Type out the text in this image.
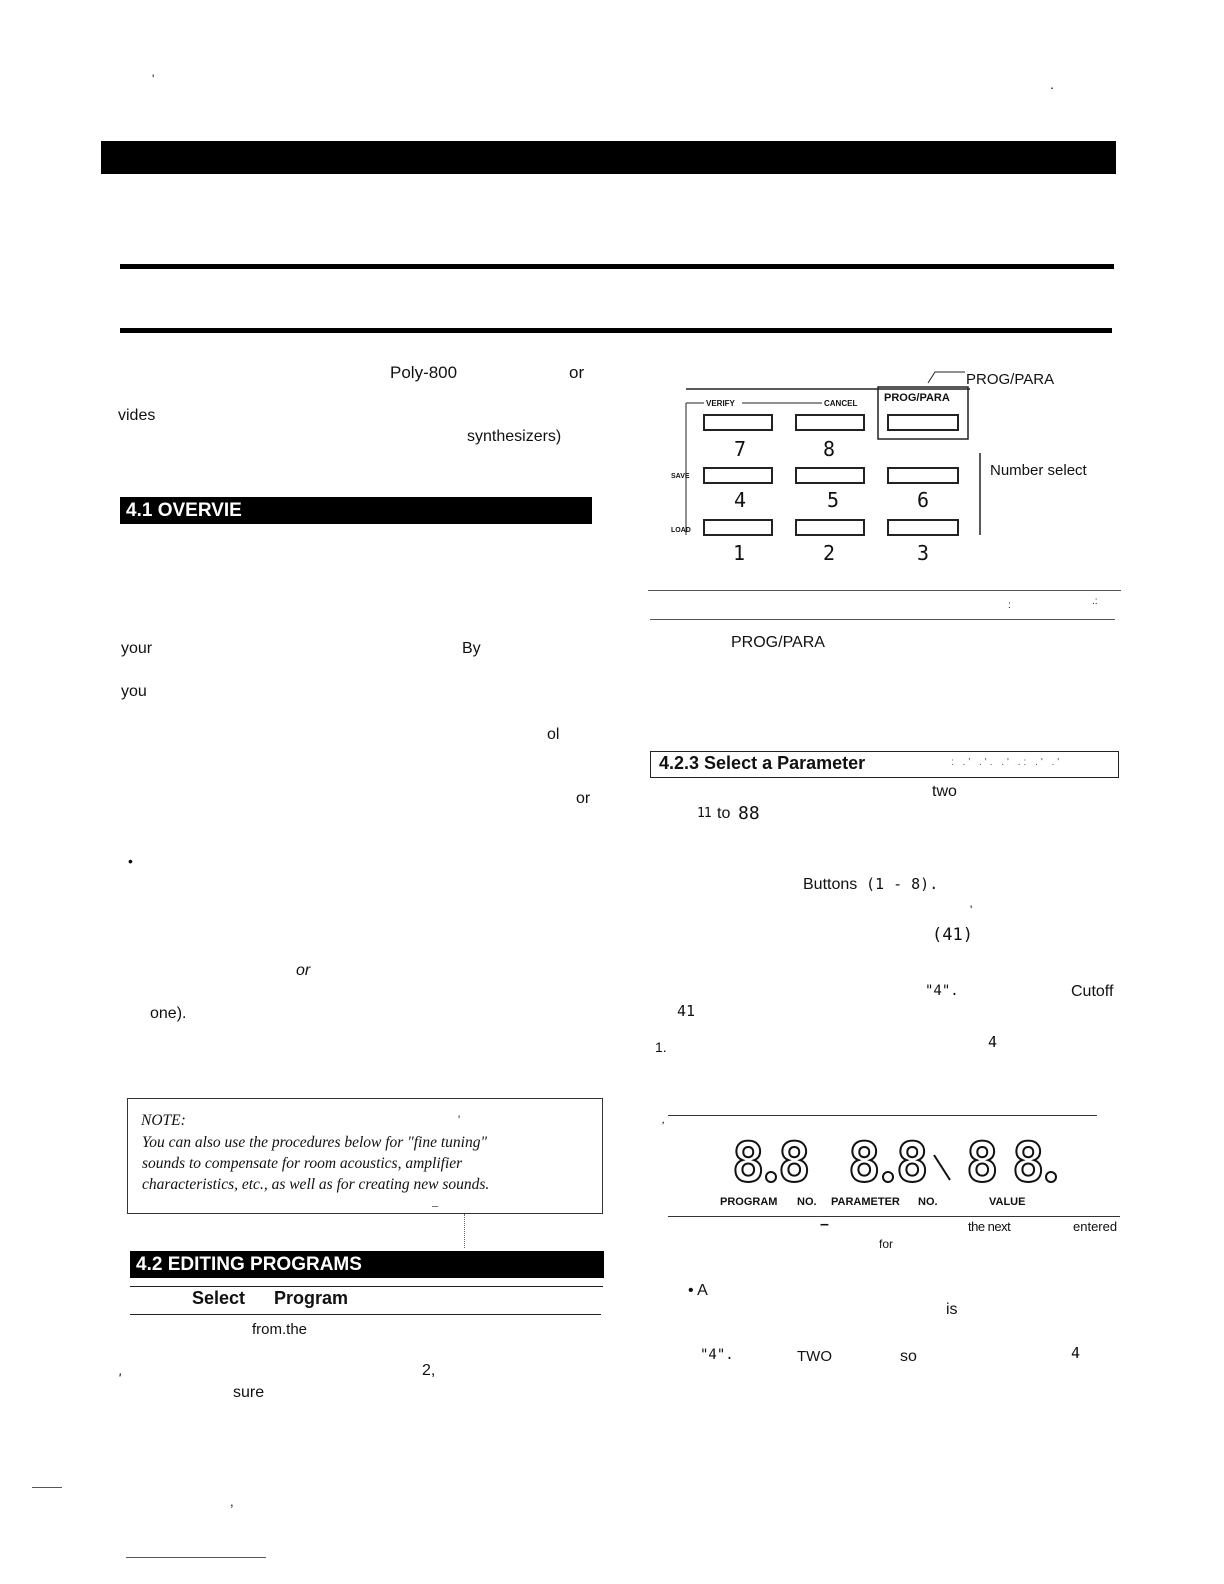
'	.
Poly-800	or
vides
synthesizers)
4.1 OVERVIE
your	By
you
ol
or
•
or
one).
NOTE:	'
You can also use the procedures below for "fine tuning"
sounds to compensate for room acoustics, amplifier
characteristics, etc., as well as for creating new sounds.
_
4.2 EDITING PROGRAMS
Select Program
from.the
2,
'
sure
,
PROG/PARA
VERIFY	CANCEL PROG/PARA
7	8
SAVE
4	5	6
LOAD
1	2	3
Number select
:	.:
PROG/PARA
4.2.3 Select a Parameter	: .' .'. .' .: .' .'
two
11 to 88
Buttons (1 - 8).
'
(41)
"4".	Cutoff
41
1.	4
,
8 8 8 8 8 8
PROGRAM NO. PARAMETER NO.	VALUE
–	the next	entered
for
• A
is
"4".	TWO	so	4
